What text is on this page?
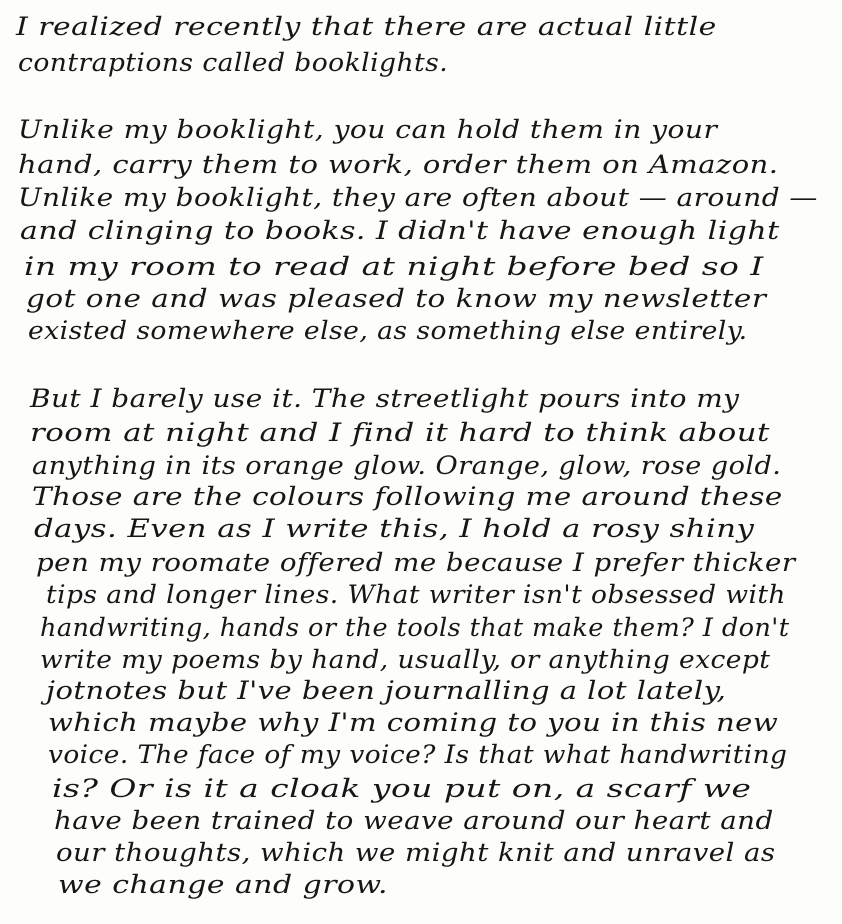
I realized recently that there are actual little
contraptions called booklights.
Unlike my booklight, you can hold them in your
hand, carry them to work, order them on Amazon.
Unlike my booklight, they are often about — around —
and clinging to books. I didn't have enough light
in my room to read at night before bed so I
got one and was pleased to know my newsletter
existed somewhere else, as something else entirely.
But I barely use it. The streetlight pours into my
room at night and I find it hard to think about
anything in its orange glow. Orange, glow, rose gold.
Those are the colours following me around these
days. Even as I write this, I hold a rosy shiny
pen my roomate offered me because I prefer thicker
tips and longer lines. What writer isn't obsessed with
handwriting, hands or the tools that make them? I don't
write my poems by hand, usually, or anything except
jotnotes but I've been journalling a lot lately,
which maybe why I'm coming to you in this new
voice. The face of my voice? Is that what handwriting
is? Or is it a cloak you put on, a scarf we
have been trained to weave around our heart and
our thoughts, which we might knit and unravel as
we change and grow.
